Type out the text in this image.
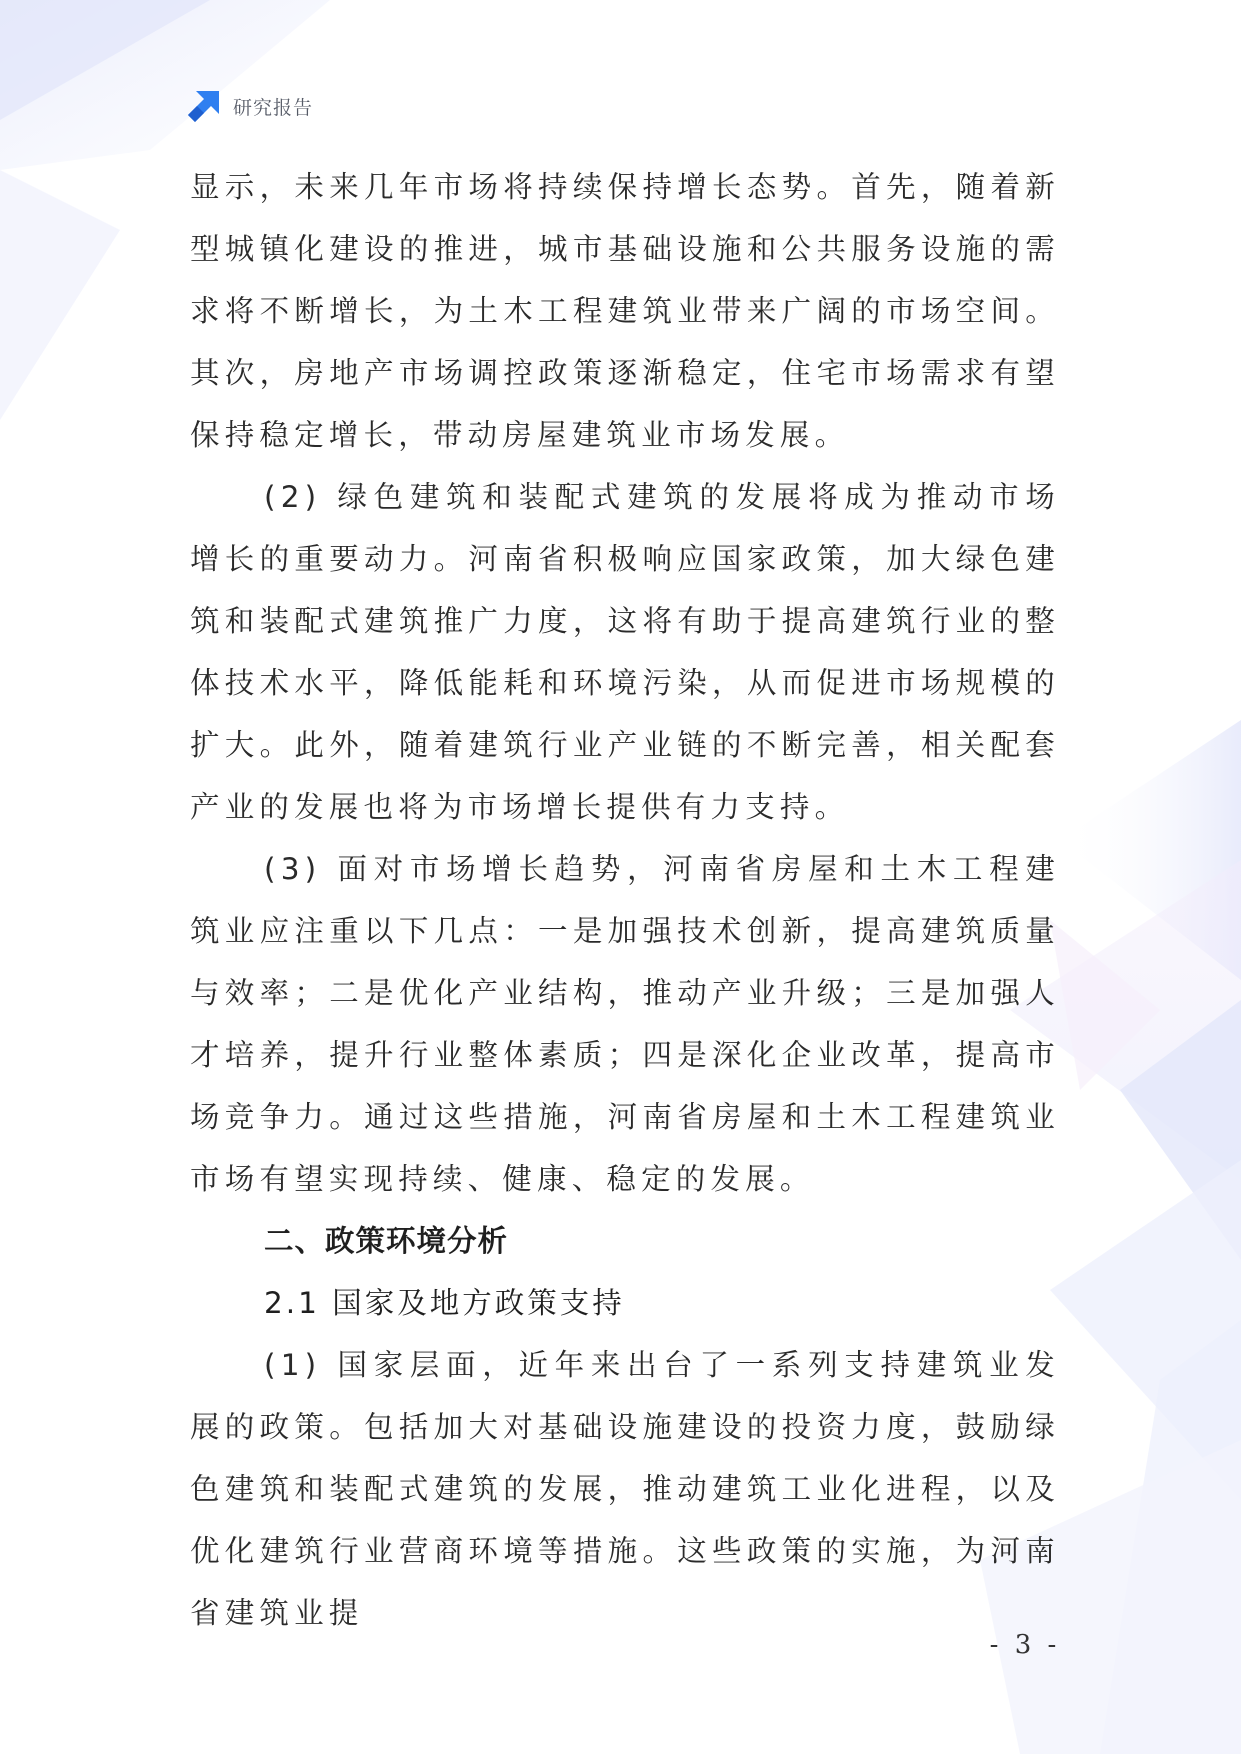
研究报告

显示，未来几年市场将持续保持增长态势。首先，随着新型城镇化建设的推进，城市基础设施和公共服务设施的需求将不断增长，为土木工程建筑业带来广阔的市场空间。其次，房地产市场调控政策逐渐稳定，住宅市场需求有望保持稳定增长，带动房屋建筑业市场发展。

(2) 绿色建筑和装配式建筑的发展将成为推动市场增长的重要动力。河南省积极响应国家政策，加大绿色建筑和装配式建筑推广力度，这将有助于提高建筑行业的整体技术水平，降低能耗和环境污染，从而促进市场规模的扩大。此外，随着建筑行业产业链的不断完善，相关配套产业的发展也将为市场增长提供有力支持。

(3) 面对市场增长趋势，河南省房屋和土木工程建筑业应注重以下几点：一是加强技术创新，提高建筑质量与效率；二是优化产业结构，推动产业升级；三是加强人才培养，提升行业整体素质；四是深化企业改革，提高市场竞争力。通过这些措施，河南省房屋和土木工程建筑业市场有望实现持续、健康、稳定的发展。

二、政策环境分析

2.1 国家及地方政策支持

(1) 国家层面，近年来出台了一系列支持建筑业发展的政策。包括加大对基础设施建设的投资力度，鼓励绿色建筑和装配式建筑的发展，推动建筑工业化进程，以及优化建筑行业营商环境等措施。这些政策的实施，为河南省建筑业提

- 3 -
